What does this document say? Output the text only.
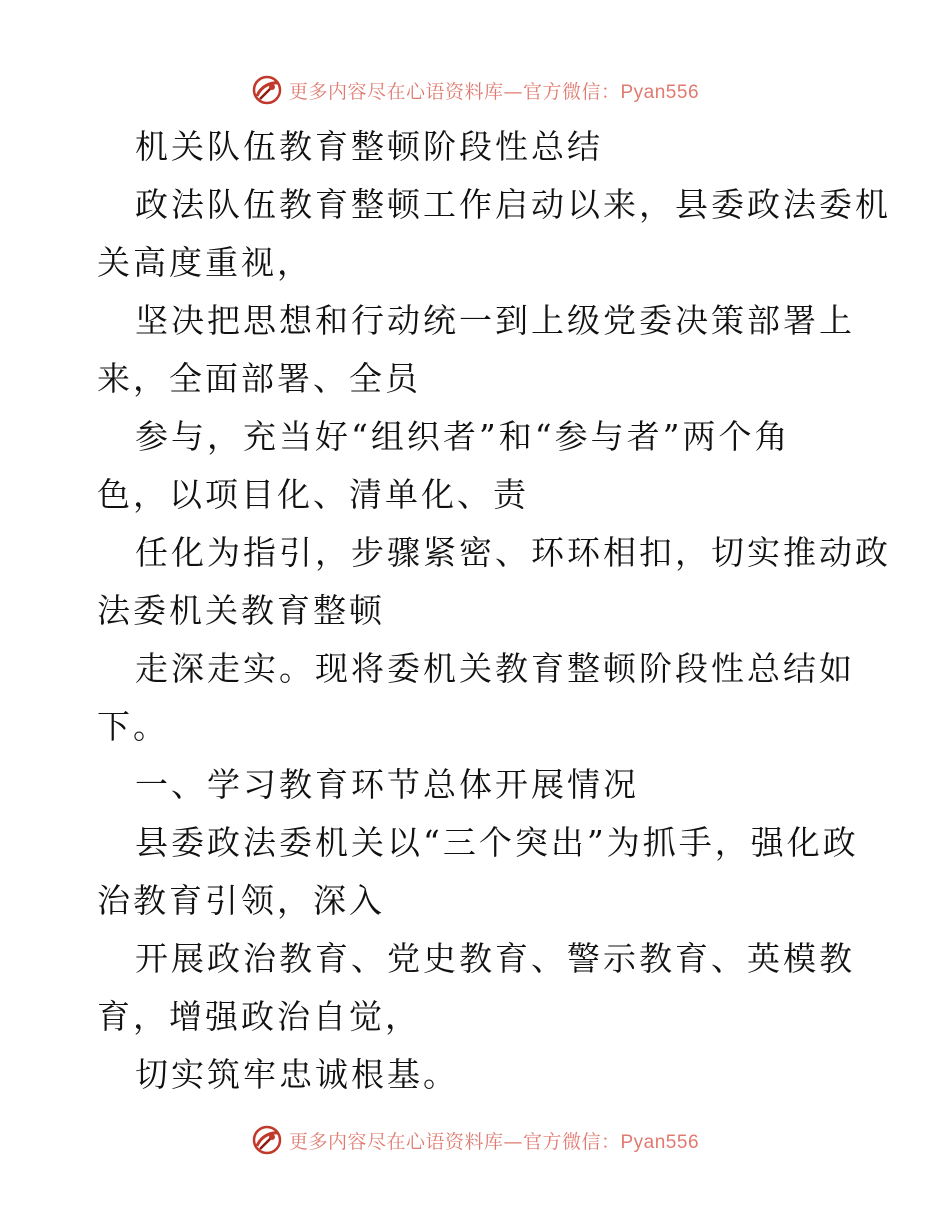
更多内容尽在心语资料库—官方微信：Pyan556
机关队伍教育整顿阶段性总结
政法队伍教育整顿工作启动以来，县委政法委机
关高度重视，
坚决把思想和行动统一到上级党委决策部署上
来，全面部署、全员
参与，充当好“组织者”和“参与者”两个角
色，以项目化、清单化、责
任化为指引，步骤紧密、环环相扣，切实推动政
法委机关教育整顿
走深走实。现将委机关教育整顿阶段性总结如
下。
一、学习教育环节总体开展情况
县委政法委机关以“三个突出”为抓手，强化政
治教育引领，深入
开展政治教育、党史教育、警示教育、英模教
育，增强政治自觉，
切实筑牢忠诚根基。
更多内容尽在心语资料库—官方微信：Pyan556
